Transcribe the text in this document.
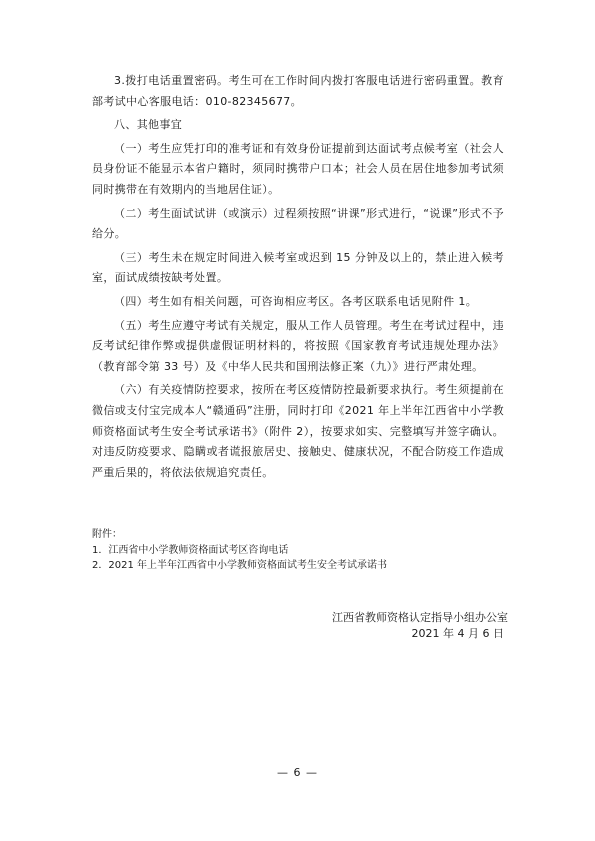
3.拨打电话重置密码。考生可在工作时间内拨打客服电话进行密码重置。教育部考试中心客服电话：010-82345677。

八、其他事宜

（一）考生应凭打印的准考证和有效身份证提前到达面试考点候考室（社会人员身份证不能显示本省户籍时，须同时携带户口本；社会人员在居住地参加考试须同时携带在有效期内的当地居住证）。

（二）考生面试试讲（或演示）过程须按照“讲课”形式进行，“说课”形式不予给分。

（三）考生未在规定时间进入候考室或迟到 15 分钟及以上的，禁止进入候考室，面试成绩按缺考处置。

（四）考生如有相关问题，可咨询相应考区。各考区联系电话见附件 1。

（五）考生应遵守考试有关规定，服从工作人员管理。考生在考试过程中，违反考试纪律作弊或提供虚假证明材料的，将按照《国家教育考试违规处理办法》（教育部令第 33 号）及《中华人民共和国刑法修正案（九）》进行严肃处理。

（六）有关疫情防控要求，按所在考区疫情防控最新要求执行。考生须提前在微信或支付宝完成本人“赣通码”注册，同时打印《2021 年上半年江西省中小学教师资格面试考生安全考试承诺书》（附件 2），按要求如实、完整填写并签字确认。对违反防疫要求、隐瞒或者谎报旅居史、接触史、健康状况，不配合防疫工作造成严重后果的，将依法依规追究责任。

附件：
1．江西省中小学教师资格面试考区咨询电话
2．2021 年上半年江西省中小学教师资格面试考生安全考试承诺书
江西省教师资格认定指导小组办公室
2021 年 4 月 6 日
— 6 —
